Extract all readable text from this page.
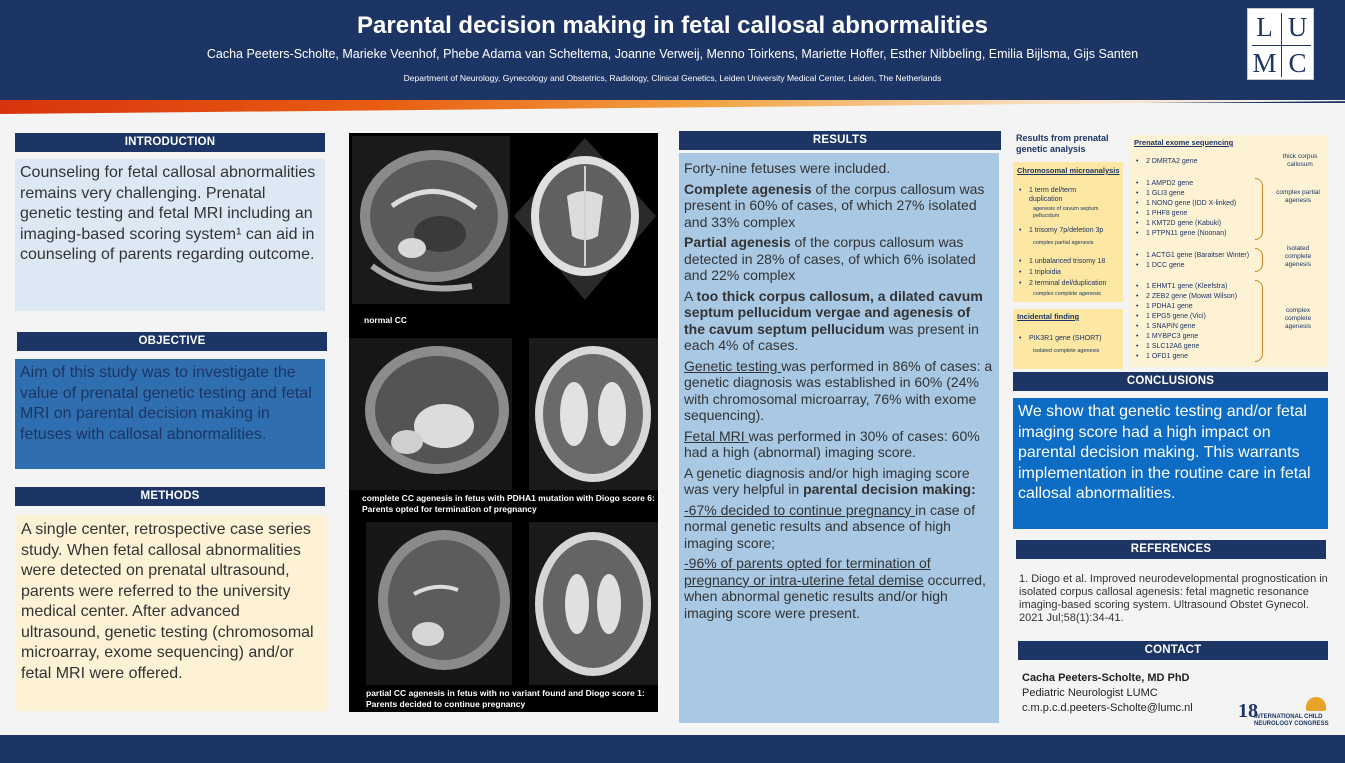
Parental decision making in fetal callosal abnormalities
Cacha Peeters-Scholte, Marieke Veenhof, Phebe Adama van Scheltema, Joanne Verweij, Menno Toirkens, Mariette Hoffer, Esther Nibbeling, Emilia Bijlsma, Gijs Santen
Department of Neurology, Gynecology and Obstetrics, Radiology, Clinical Genetics, Leiden University Medical Center, Leiden, The Netherlands
L U
M C
INTRODUCTION
Counseling for fetal callosal abnormalities remains very challenging. Prenatal genetic testing and fetal MRI including an imaging-based scoring system¹ can aid in counseling of parents regarding outcome.
OBJECTIVE
Aim of this study was to investigate the value of prenatal genetic testing and fetal MRI on parental decision making in fetuses with callosal abnormalities.
METHODS
A single center, retrospective case series study. When fetal callosal abnormalities were detected on prenatal ultrasound, parents were referred to the university medical center. After advanced ultrasound, genetic testing (chromosomal microarray, exome sequencing) and/or fetal MRI were offered.
normal CC
complete CC agenesis in fetus with PDHA1 mutation with Diogo score 6: Parents opted for termination of pregnancy
partial CC agenesis in fetus with no variant found and Diogo score 1: Parents decided to continue pregnancy
RESULTS

Forty-nine fetuses were included.

Complete agenesis of the corpus callosum was present in 60% of cases, of which 27% isolated and 33% complex

Partial agenesis of the corpus callosum was detected in 28% of cases, of which 6% isolated and 22% complex

A too thick corpus callosum, a dilated cavum septum pellucidum vergae and agenesis of the cavum septum pellucidum was present in each 4% of cases.

Genetic testing was performed in 86% of cases: a genetic diagnosis was established in 60% (24% with chromosomal microarray, 76% with exome sequencing).

Fetal MRI was performed in 30% of cases: 60% had a high (abnormal) imaging score.

A genetic diagnosis and/or high imaging score was very helpful in parental decision making:

-67% decided to continue pregnancy in case of normal genetic results and absence of high imaging score;

-96% of parents opted for termination of pregnancy or intra-uterine fetal demise occurred, when abnormal genetic results and/or high imaging score were present.

Results from prenatal genetic analysis
Chromosomal microanalysis
• 1 term del/term
duplication
agenesis of cavum septum pellucidum
• 1 trisomy 7p/deletion 3p
complex partial agenesis
• 1 unbalanced trisomy 18
• 1 triploidia
• 2 terminal del/duplication
complex complete agenesis
Incidental finding
• PIK3R1 gene (SHORT)
isolated complete agenesis
Prenatal exome sequencing
• 2 DMRTA2 gene
thick corpus callosum
• 1 AMPD2 gene
• 1 GLI3 gene
• 1 NONO gene (IDD X-linked)
• 1 PHF8 gene
• 1 KMT2D gene (Kabuki)
• 1 PTPN11 gene (Noonan)
complex partial agenesis
• 1 ACTG1 gene (Baraitser Winter)
• 1 DCC gene
isolated complete agenesis
• 1 EHMT1 gene (Kleefstra)
• 2 ZEB2 gene (Mowat Wilson)
• 1 PDHA1 gene
• 1 EPG5 gene (Vici)
• 1 SNAPIN gene
• 1 MYBPC3 gene
• 1 SLC12A6 gene
• 1 OFD1 gene
complex complete agenesis
CONCLUSIONS
We show that genetic testing and/or fetal imaging score had a high impact on parental decision making. This warrants implementation in the routine care in fetal callosal abnormalities.
REFERENCES
1. Diogo et al. Improved neurodevelopmental prognostication in isolated corpus callosal agenesis: fetal magnetic resonance imaging-based scoring system. Ultrasound Obstet Gynecol. 2021 Jul;58(1):34-41.
CONTACT
Cacha Peeters-Scholte, MD PhD
Pediatric Neurologist LUMC
c.m.p.c.d.peeters-Scholte@lumc.nl	18
INTERNATIONAL CHILD
NEUROLOGY CONGRESS
